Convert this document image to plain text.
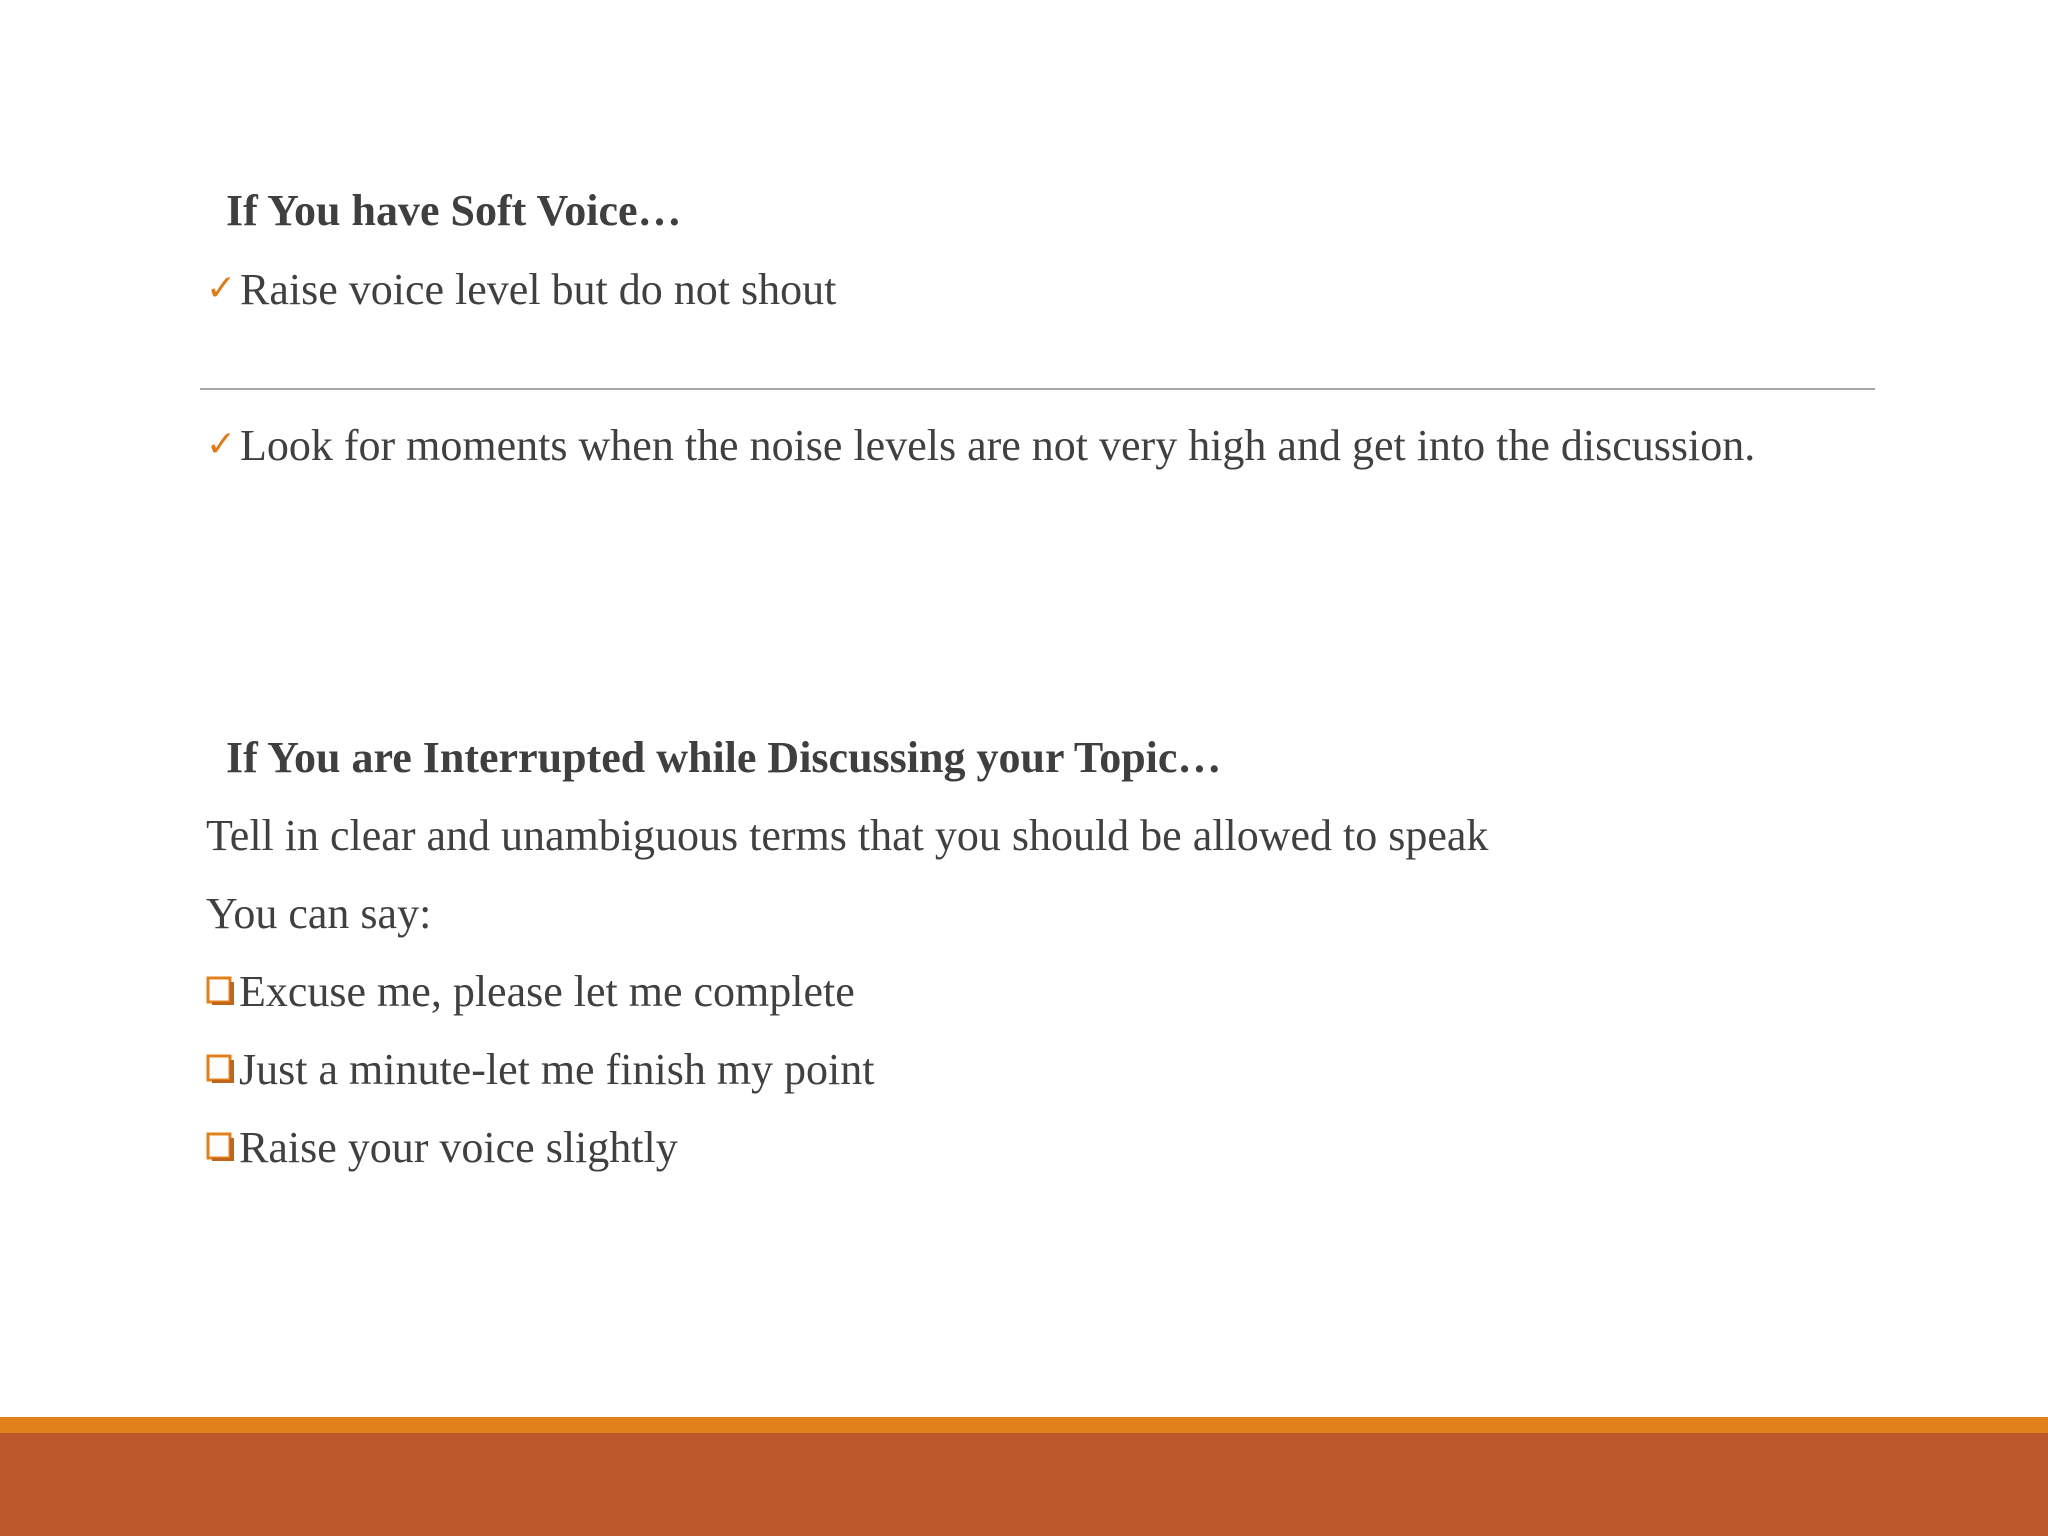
If You have Soft Voice…
✓Raise voice level but do not shout
✓Look for moments when the noise levels are not very high and get into the discussion.
If You are Interrupted while Discussing your Topic…
Tell in clear and unambiguous terms that you should be allowed to speak
You can say:
Excuse me, please let me complete
Just a minute-let me finish my point
Raise your voice slightly
